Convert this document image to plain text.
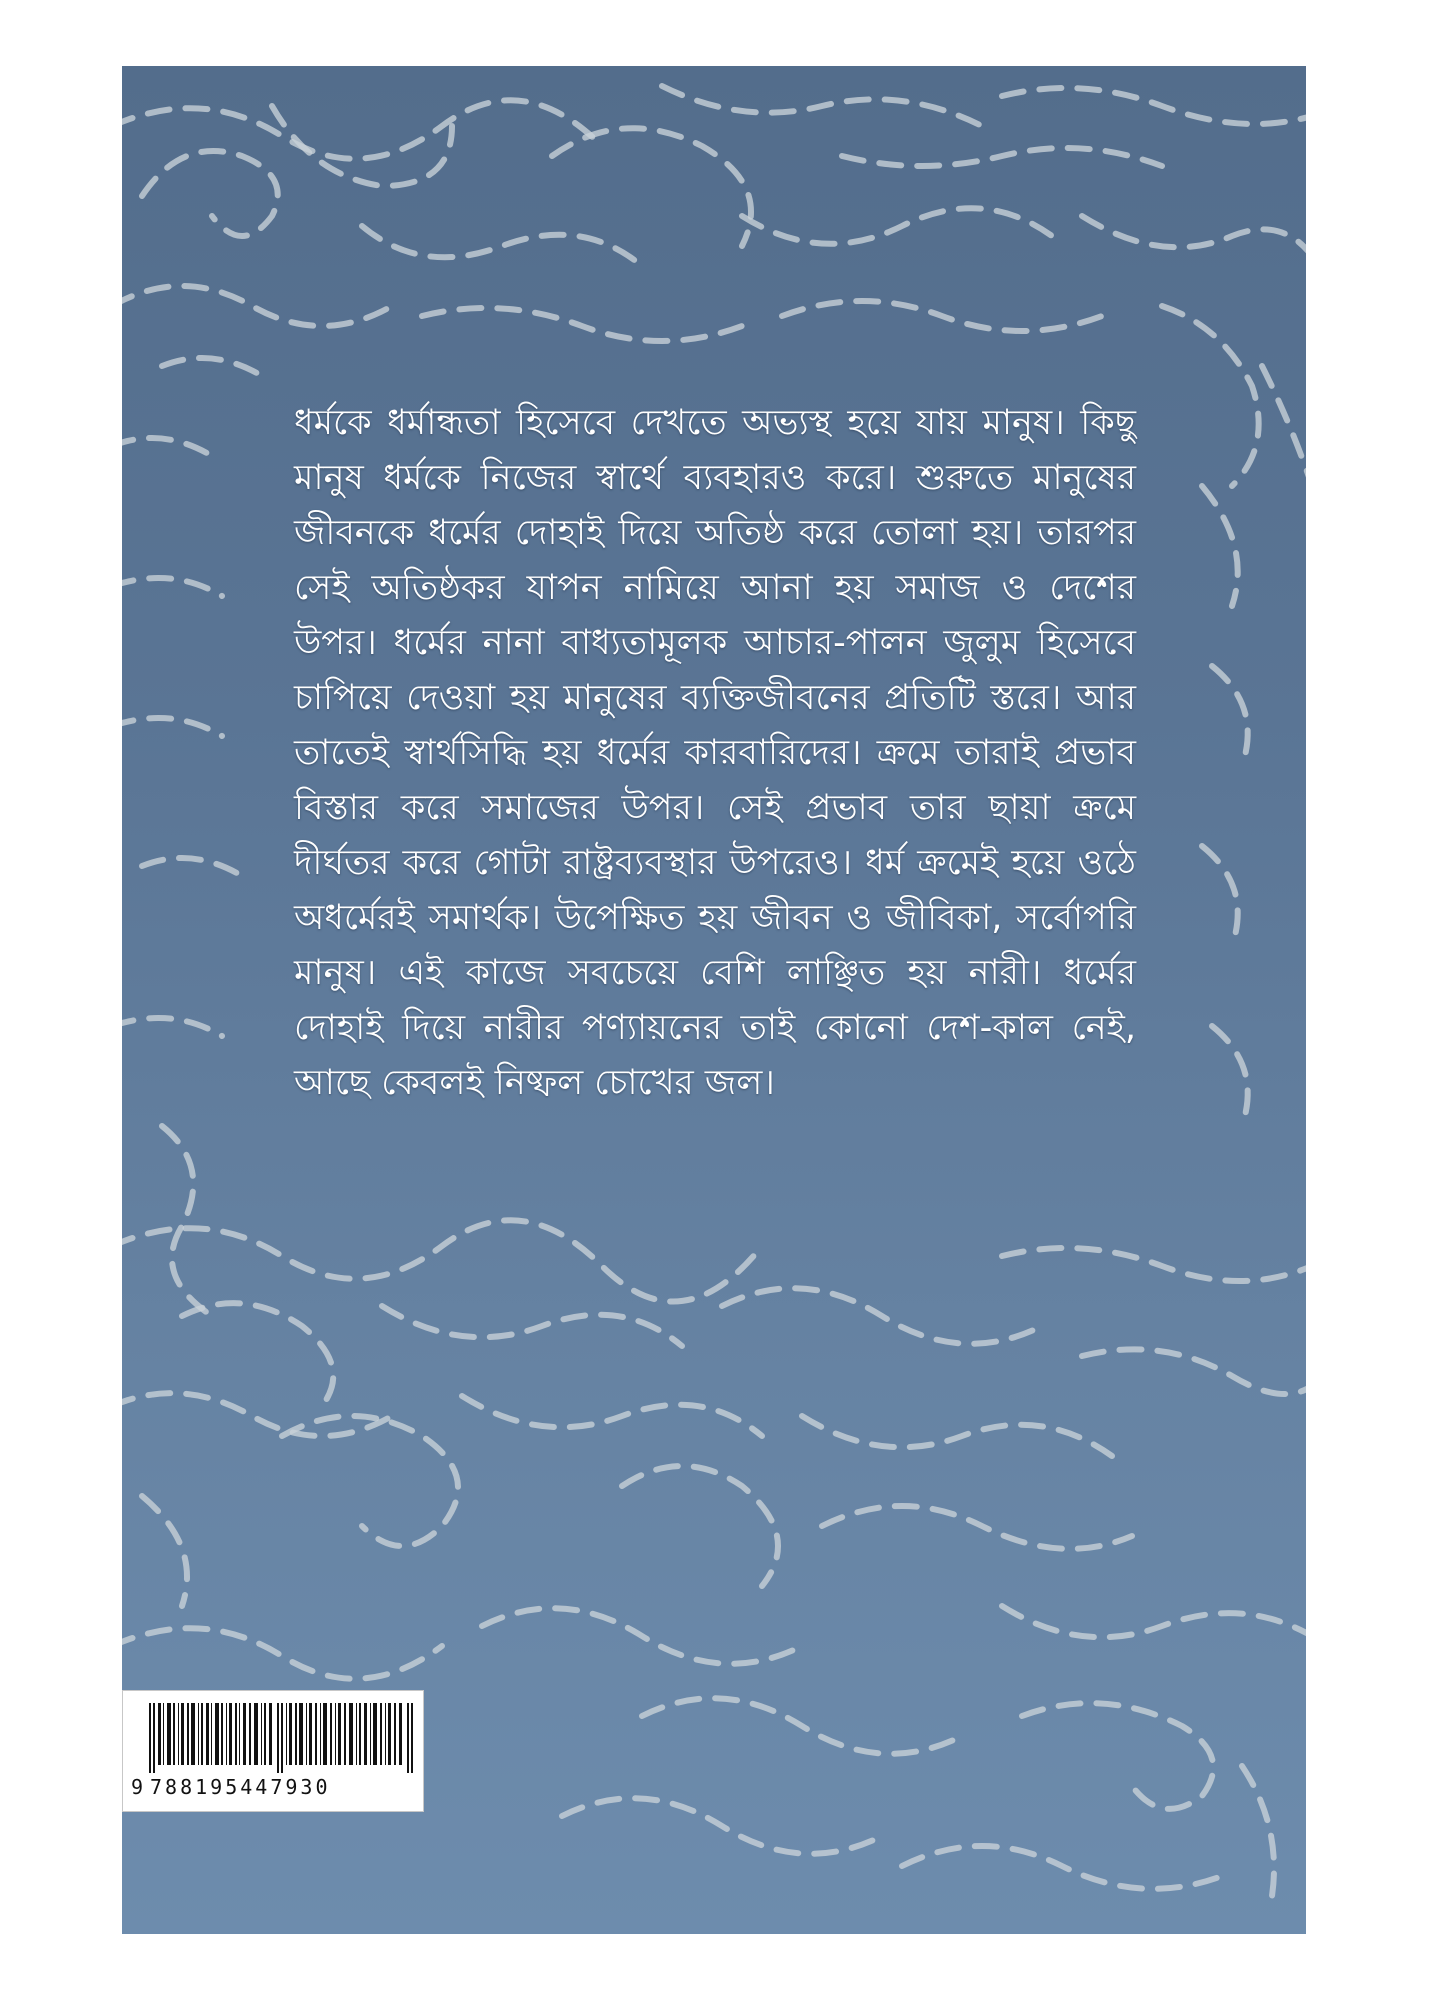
ধর্মকে ধর্মান্ধতা হিসেবে দেখতে অভ্যস্থ হয়ে যায় মানুষ। কিছু মানুষ ধর্মকে নিজের স্বার্থে ব্যবহারও করে। শুরুতে মানুষের জীবনকে ধর্মের দোহাই দিয়ে অতিষ্ঠ করে তোলা হয়। তারপর সেই অতিষ্ঠকর যাপন নামিয়ে আনা হয় সমাজ ও দেশের উপর। ধর্মের নানা বাধ্যতামূলক আচার-পালন জুলুম হিসেবে চাপিয়ে দেওয়া হয় মানুষের ব্যক্তিজীবনের প্রতিটি স্তরে। আর তাতেই স্বার্থসিদ্ধি হয় ধর্মের কারবারিদের। ক্রমে তারাই প্রভাব বিস্তার করে সমাজের উপর। সেই প্রভাব তার ছায়া ক্রমে দীর্ঘতর করে গোটা রাষ্ট্রব্যবস্থার উপরেও। ধর্ম ক্রমেই হয়ে ওঠে অধর্মেরই সমার্থক। উপেক্ষিত হয় জীবন ও জীবিকা, সর্বোপরি মানুষ। এই কাজে সবচেয়ে বেশি লাঞ্ছিত হয় নারী। ধর্মের দোহাই দিয়ে নারীর পণ্যায়নের তাই কোনো দেশ-কাল নেই, আছে কেবলই নিষ্ফল চোখের জল।
9 788195447930
